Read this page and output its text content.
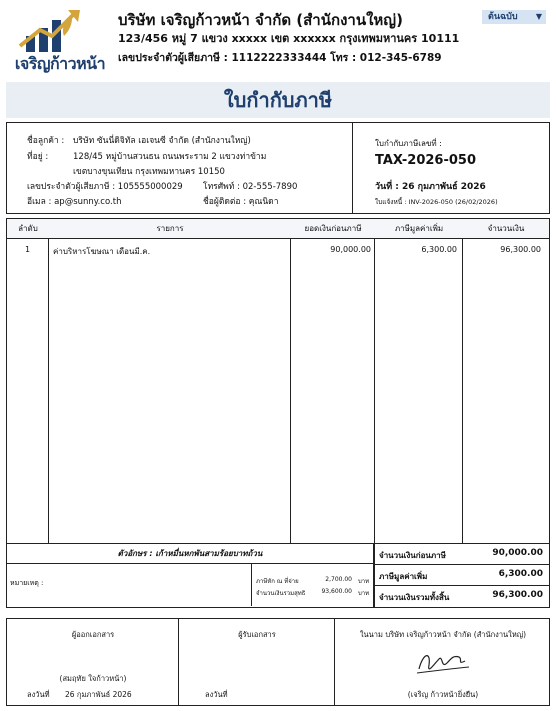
เจริญก้าวหน้า
บริษัท เจริญก้าวหน้า จำกัด (สำนักงานใหญ่)
123/456 หมู่ 7 แขวง xxxxx เขต xxxxxx กรุงเทพมหานคร 10111
เลขประจำตัวผู้เสียภาษี : 1112222333444 โทร : 012-345-6789
ต้นฉบับ ▼
ใบกำกับภาษี
ชื่อลูกค้า : บริษัท ซันนี่ดิจิทัล เอเจนซี จำกัด (สำนักงานใหญ่)
ที่อยู่ :	128/45 หมู่บ้านสวนธน ถนนพระราม 2 แขวงท่าข้าม
เขตบางขุนเทียน กรุงเทพมหานคร 10150
เลขประจำตัวผู้เสียภาษี : 105555000029 โทรศัพท์ : 02-555-7890
อีเมล : ap@sunny.co.th	ชื่อผู้ติดต่อ : คุณนิดา
ใบกำกับภาษีเลขที่ :
TAX-2026-050
วันที่ : 26 กุมภาพันธ์ 2026
ใบแจ้งหนี้ : INV-2026-050 (26/02/2026)
ลำดับ	รายการ	ยอดเงินก่อนภาษี	ภาษีมูลค่าเพิ่ม	จำนวนเงิน
1	ค่าบริหารโฆษณา เดือนมี.ค.	90,000.00	6,300.00	96,300.00
ตัวอักษร : เก้าหมื่นหกพันสามร้อยบาทถ้วน
หมายเหตุ :	ภาษีหัก ณ ที่จ่าย	2,700.00 บาท
จำนวนเงินรวมสุทธิ	93,600.00 บาท
จำนวนเงินก่อนภาษี	90,000.00
ภาษีมูลค่าเพิ่ม	6,300.00
จำนวนเงินรวมทั้งสิ้น	96,300.00
ผู้ออกเอกสาร
(สมฤทัย ใจก้าวหน้า)
ลงวันที่ 26 กุมภาพันธ์ 2026
ผู้รับเอกสาร
ลงวันที่
ในนาม บริษัท เจริญก้าวหน้า จำกัด (สำนักงานใหญ่)
(เจริญ ก้าวหน้ายิ่งยืน)
